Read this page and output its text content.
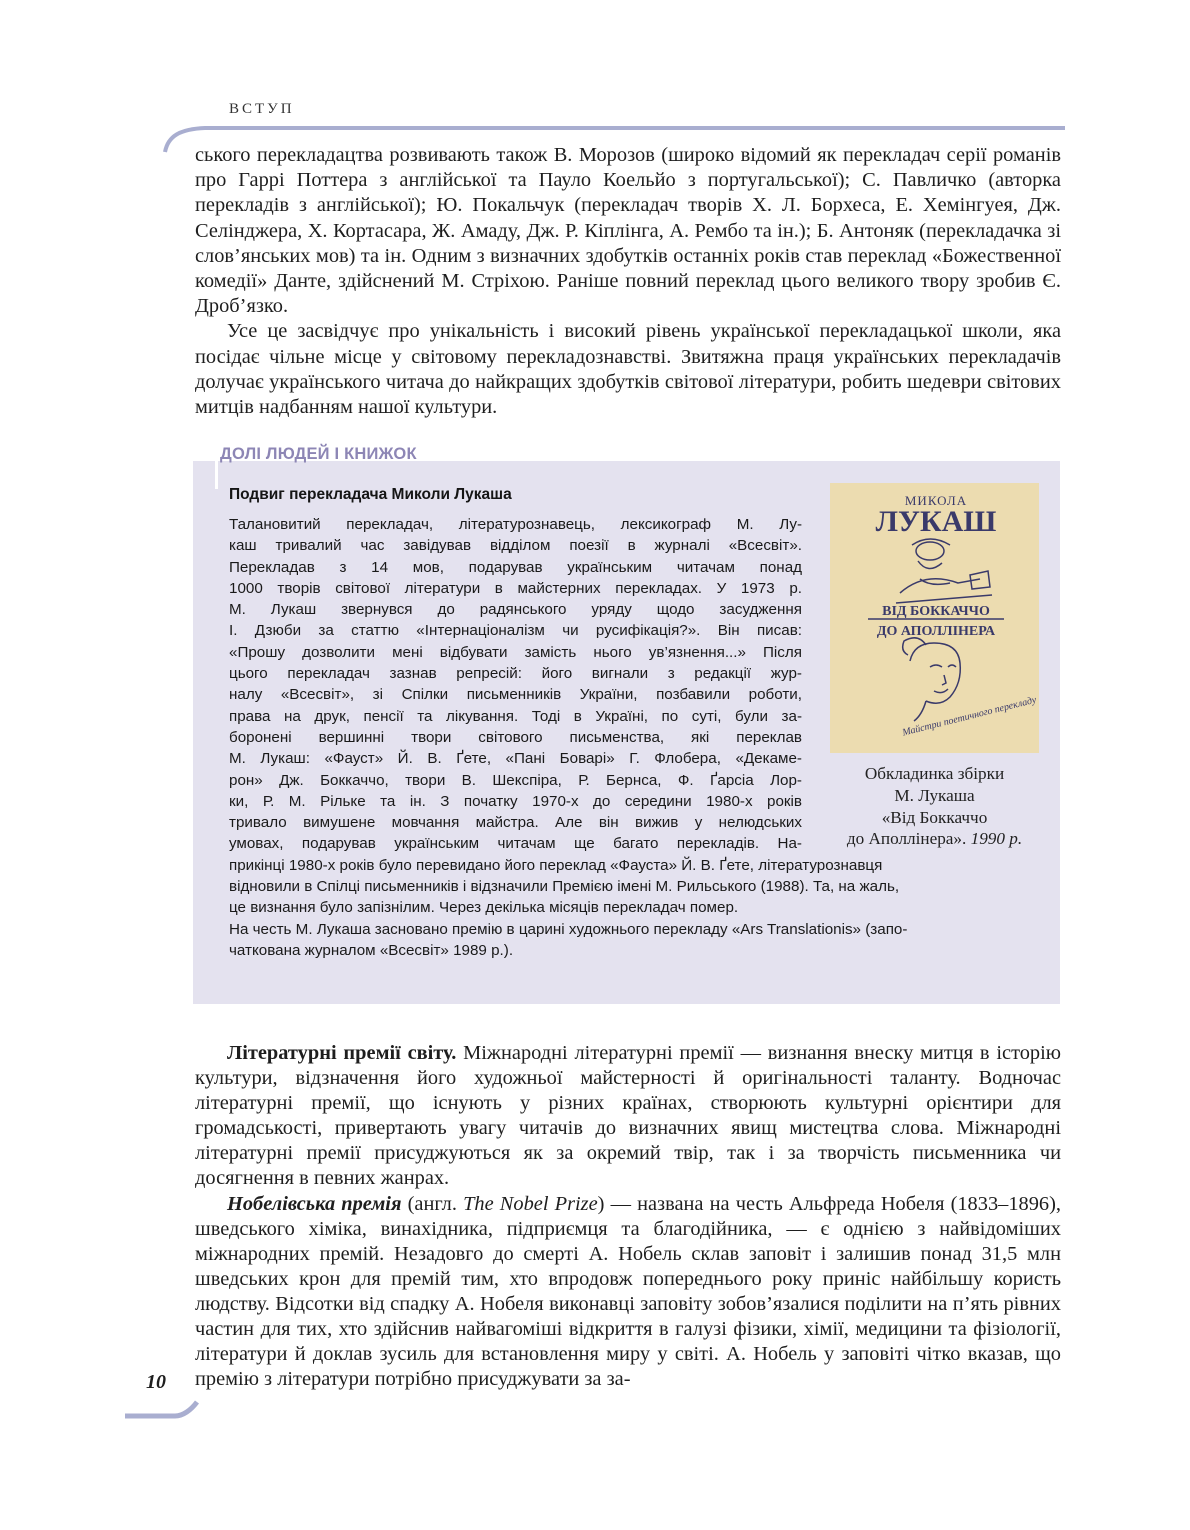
ВСТУП

ського перекладацтва розвивають також В. Морозов (широко відомий як перекладач серії романів про Гаррі Поттера з англійської та Пауло Коельйо з португальської); С. Павличко (авторка перекладів з англійської); Ю. Покальчук (перекладач творів Х. Л. Борхеса, Е. Хемінгуея, Дж. Селінджера, Х. Кортасара, Ж. Амаду, Дж. Р. Кіплінга, А. Рембо та ін.); Б. Антоняк (перекладачка зі слов’янських мов) та ін. Одним з визначних здобутків останніх років став переклад «Божественної комедії» Данте, здійснений М. Стріхою. Раніше повний переклад цього великого твору зробив Є. Дроб’язко.

Усе це засвідчує про унікальність і високий рівень української перекладацької школи, яка посідає чільне місце у світовому перекладознавстві. Звитяжна праця українських перекладачів долучає українського читача до найкращих здобутків світової літератури, робить шедеври світових митців надбанням нашої культури.

ДОЛІ ЛЮДЕЙ І КНИЖОК
Подвиг перекладача Миколи Лукаша
Талановитий перекладач, літературознавець, лексикограф М. Лу-
каш тривалий час завідував відділом поезії в журналі «Всесвіт».
Перекладав з 14 мов, подарував українським читачам понад
1000 творів світової літератури в майстерних перекладах. У 1973 р.
М. Лукаш звернувся до радянського уряду щодо засудження
І. Дзюби за статтю «Інтернаціоналізм чи русифікація?». Він писав:
«Прошу дозволити мені відбувати замість нього ув’язнення...» Після
цього перекладач зазнав репресій: його вигнали з редакції жур-
налу «Всесвіт», зі Спілки письменників України, позбавили роботи,
права на друк, пенсії та лікування. Тоді в Україні, по суті, були за-
боронені вершинні твори світового письменства, які переклав
М. Лукаш: «Фауст» Й. В. Ґете, «Пані Боварі» Г. Флобера, «Декаме-
рон» Дж. Боккаччо, твори В. Шекспіра, Р. Бернса, Ф. Ґарсіа Лор-
ки, Р. М. Рільке та ін. З початку 1970-х до середини 1980-х років
тривало вимушене мовчання майстра. Але він вижив у нелюдських
умовах, подарував українським читачам ще багато перекладів. На-
прикінці 1980-х років було перевидано його переклад «Фауста» Й. В. Ґете, літературознавця
відновили в Спілці письменників і відзначили Премією імені М. Рильського (1988). Та, на жаль,
це визнання було запізнілим. Через декілька місяців перекладач помер.
На честь М. Лукаша засновано премію в царині художнього перекладу «Ars Translationis» (запо-
чаткована журналом «Всесвіт» 1989 р.).
МИКОЛА
ЛУКАШ
ВІД БОККАЧЧО
ДО АПОЛЛІНЕРА
Майстри поетичного перекладу
Обкладинка збірки
М. Лукаша
«Від Боккаччо
до Аполлінера». 1990 р.

Літературні премії світу. Міжнародні літературні премії — визнання внеску митця в історію культури, відзначення його художньої майстерності й оригінальності таланту. Водночас літературні премії, що існують у різних країнах, створюють культурні орієнтири для громадськості, привертають увагу читачів до визначних явищ мистецтва слова. Міжнародні літературні премії присуджуються як за окремий твір, так і за творчість письменника чи досягнення в певних жанрах.

Нобелівська премія (англ. The Nobel Prize) — названа на честь Альфреда Нобеля (1833–1896), шведського хіміка, винахідника, підприємця та благодійника, — є однією з найвідоміших міжнародних премій. Незадовго до смерті А. Нобель склав заповіт і залишив понад 31,5 млн шведських крон для премій тим, хто впродовж попереднього року приніс найбільшу користь людству. Відсотки від спадку А. Нобеля виконавці заповіту зобов’язалися поділити на п’ять рівних частин для тих, хто здійснив найвагоміші відкриття в галузі фізики, хімії, медицини та фізіології, літератури й доклав зусиль для встановлення миру у світі. А. Нобель у заповіті чітко вказав, що премію з літератури потрібно присуджувати за за-

10
